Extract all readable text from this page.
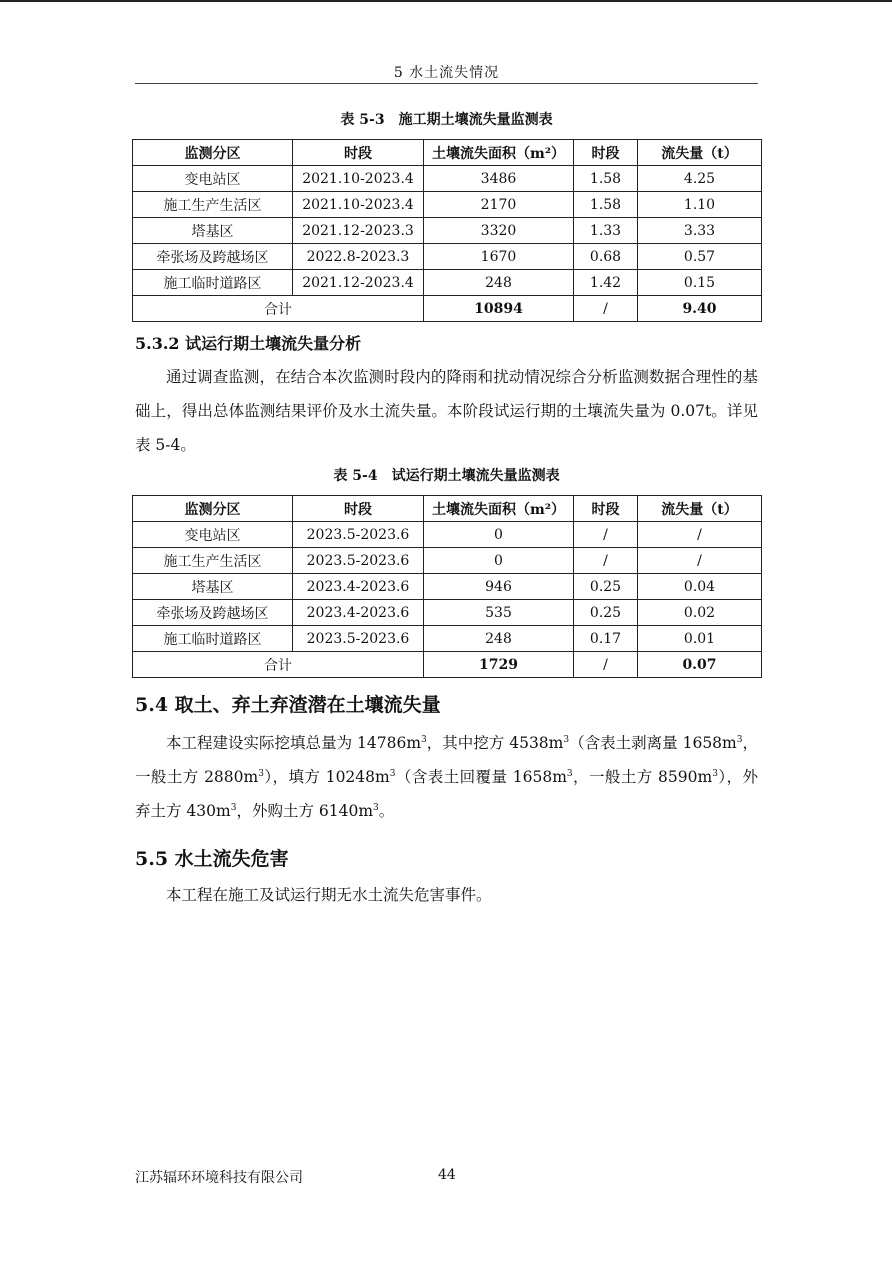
5 水土流失情况
表 5-3 施工期土壤流失量监测表
监测分区	时段	土壤流失面积（m²）	时段	流失量（t）
变电站区	2021.10-2023.4	3486	1.58	4.25
施工生产生活区	2021.10-2023.4	2170	1.58	1.10
塔基区	2021.12-2023.3	3320	1.33	3.33
牵张场及跨越场区	2022.8-2023.3	1670	0.68	0.57
施工临时道路区	2021.12-2023.4	248	1.42	0.15
合计		10894	/	9.40
5.3.2 试运行期土壤流失量分析

通过调查监测，在结合本次监测时段内的降雨和扰动情况综合分析监测数据合理性的基础上，得出总体监测结果评价及水土流失量。本阶段试运行期的土壤流失量为 0.07t。详见表 5-4。

表 5-4 试运行期土壤流失量监测表
监测分区	时段	土壤流失面积（m²）	时段	流失量（t）
变电站区	2023.5-2023.6	0	/	/
施工生产生活区	2023.5-2023.6	0	/	/
塔基区	2023.4-2023.6	946	0.25	0.04
牵张场及跨越场区	2023.4-2023.6	535	0.25	0.02
施工临时道路区	2023.5-2023.6	248	0.17	0.01
合计		1729	/	0.07
5.4 取土、弃土弃渣潜在土壤流失量

本工程建设实际挖填总量为 $14786m^3$，其中挖方 $4538m^3$（含表土剥离量 $1658m^3$，一般土方 $2880m^3$），填方 $10248m^3$（含表土回覆量 $1658m^3$，一般土方 $8590m^3$），外弃土方 $430m^3$，外购土方 $6140m^3$。

5.5 水土流失危害

本工程在施工及试运行期无水土流失危害事件。

江苏辐环环境科技有限公司	44
